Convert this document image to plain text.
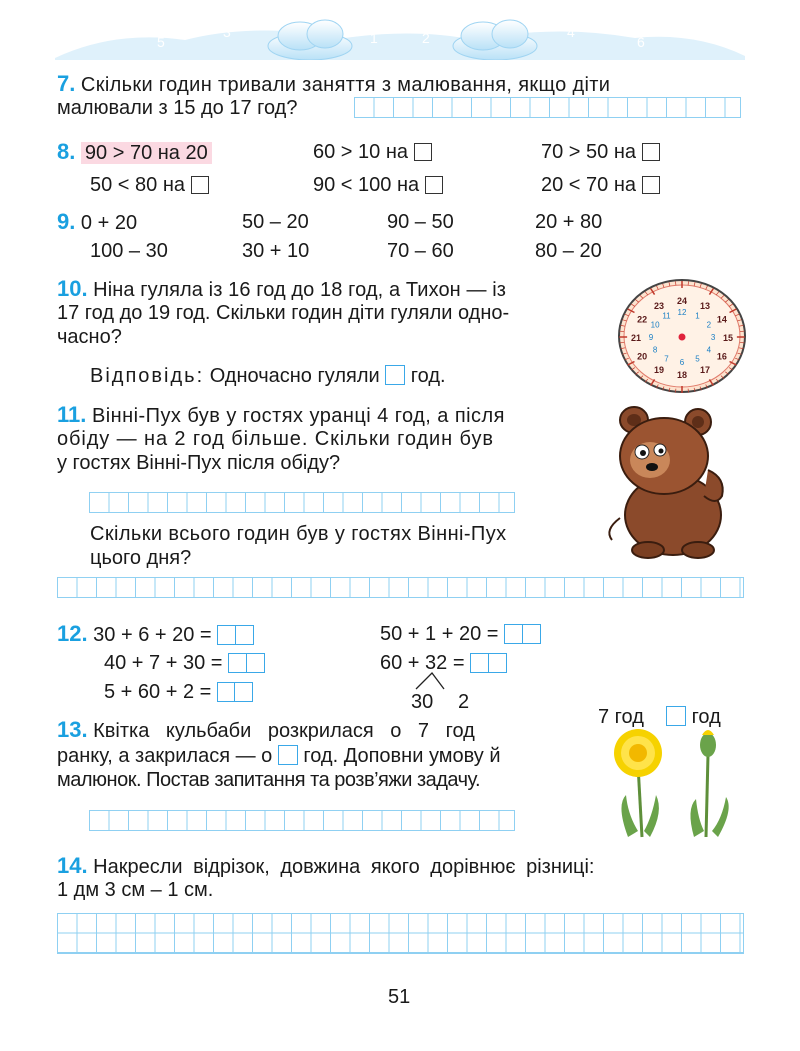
7
5
3	1
0
2	4
6
8
7. Скільки годин тривали заняття з малювання, якщо діти
малювали з 15 до 17 год?
8. 90 > 70 на 20	60 > 10 на	70 > 50 на
50 < 80 на	90 < 100 на	20 < 70 на
9. 0 + 20	50 – 20	90 – 50	20 + 80
100 – 30	30 + 10	70 – 60	80 – 20
10. Ніна гуляла із 16 год до 18 год, а Тихон — із
17 год до 19 год. Скільки годин діти гуляли одно-
часно?
Відповідь: Одночасно гуляли год.
24 13
14
15
16
17
18
19
20
21
22
23
12 1
2
3
4
5
6
7
8
9
10
11
11. Вінні-Пух був у гостях уранці 4 год, а після
обіду — на 2 год більше. Скільки годин був
у гостях Вінні-Пух після обіду?
Скільки всього годин був у гостях Вінні-Пух
цього дня?
12. 30 + 6 + 20 =
40 + 7 + 30 =
5 + 60 + 2 =
50 + 1 + 20 =
60 + 32 =
30 2
13. Квітка кульбаби розкрилася о 7 год
ранку, а закрилася — о год. Доповни умову й
малюнок. Постав запитання та розв’яжи задачу.
7 год	год
14. Накресли відрізок, довжина якого дорівнює різниці:
1 дм 3 см – 1 см.
51
